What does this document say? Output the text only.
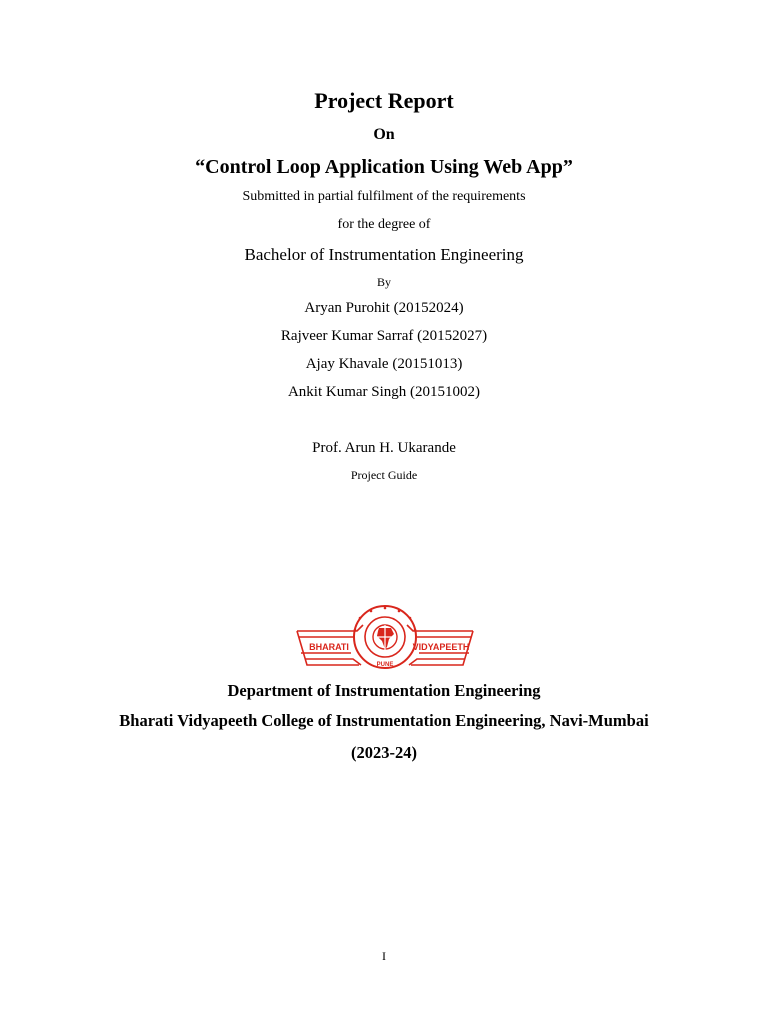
Project Report
On
“Control Loop Application Using Web App”
Submitted in partial fulfilment of the requirements
for the degree of
Bachelor of Instrumentation Engineering
By
Aryan Purohit (20152024)
Rajveer Kumar Sarraf (20152027)
Ajay Khavale (20151013)
Ankit Kumar Singh (20151002)
Prof. Arun H. Ukarande
Project Guide
BHARATI	VIDYAPEETH
PUNE
Department of Instrumentation Engineering
Bharati Vidyapeeth College of Instrumentation Engineering, Navi-Mumbai
(2023-24)
I
